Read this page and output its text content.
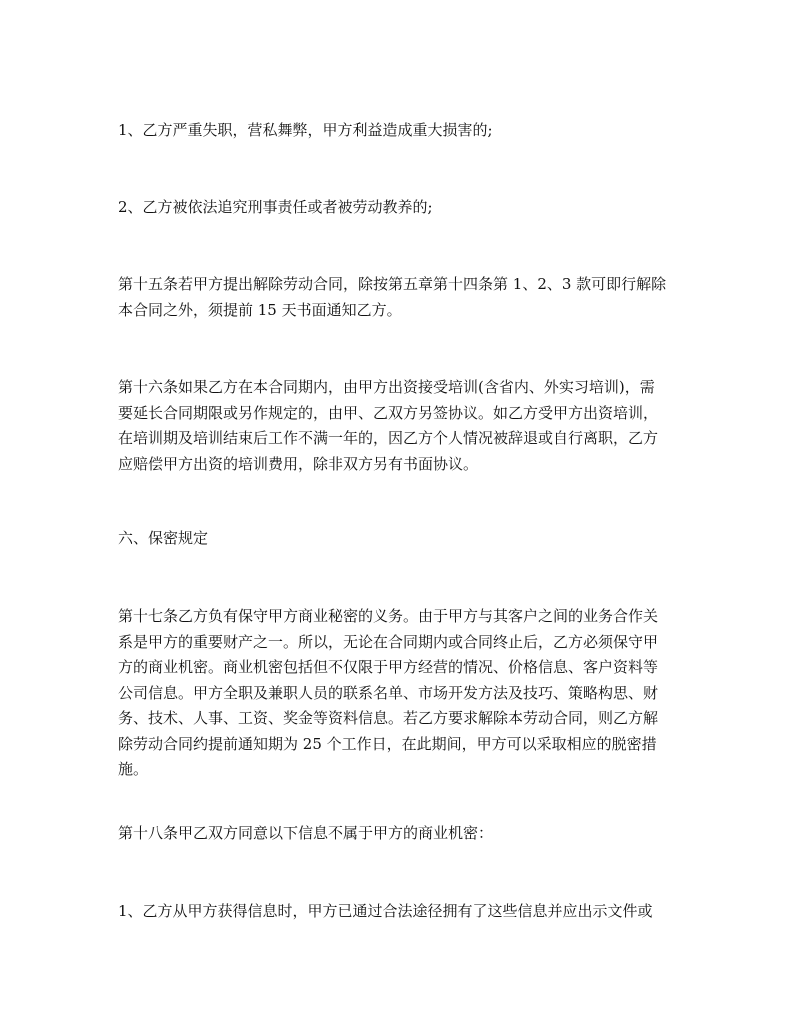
1、乙方严重失职，营私舞弊，甲方利益造成重大损害的;

2、乙方被依法追究刑事责任或者被劳动教养的;

第十五条若甲方提出解除劳动合同，除按第五章第十四条第 1、2、3 款可即行解除
本合同之外，须提前 15 天书面通知乙方。

第十六条如果乙方在本合同期内，由甲方出资接受培训(含省内、外实习培训)，需
要延长合同期限或另作规定的，由甲、乙双方另签协议。如乙方受甲方出资培训，
在培训期及培训结束后工作不满一年的，因乙方个人情况被辞退或自行离职，乙方
应赔偿甲方出资的培训费用，除非双方另有书面协议。

六、保密规定

第十七条乙方负有保守甲方商业秘密的义务。由于甲方与其客户之间的业务合作关
系是甲方的重要财产之一。所以，无论在合同期内或合同终止后，乙方必须保守甲
方的商业机密。商业机密包括但不仅限于甲方经营的情况、价格信息、客户资料等
公司信息。甲方全职及兼职人员的联系名单、市场开发方法及技巧、策略构思、财
务、技术、人事、工资、奖金等资料信息。若乙方要求解除本劳动合同，则乙方解
除劳动合同约提前通知期为 25 个工作日，在此期间，甲方可以采取相应的脱密措
施。

第十八条甲乙双方同意以下信息不属于甲方的商业机密：

1、乙方从甲方获得信息时，甲方已通过合法途径拥有了这些信息并应出示文件或
